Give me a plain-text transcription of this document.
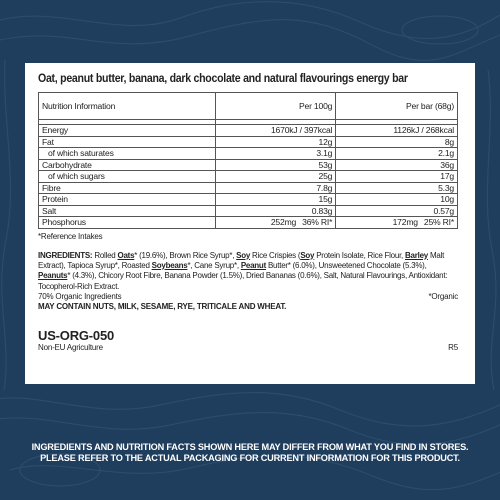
Oat, peanut butter, banana, dark chocolate and natural flavourings energy bar
Nutrition Information	Per 100g	Per bar (68g)

Energy	1670kJ / 397kcal	1126kJ / 268kcal
Fat	12g	8g
of which saturates	3.1g	2.1g
Carbohydrate	53g	36g
of which sugars	25g	17g
Fibre	7.8g	5.3g
Protein	15g	10g
Salt	0.83g	0.57g
Phosphorus	252mg 36% RI*	172mg 25% RI*
*Reference Intakes
INGREDIENTS: Rolled Oats* (19.6%), Brown Rice Syrup*, Soy Rice Crispies (Soy Protein Isolate, Rice Flour, Barley Malt Extract), Tapioca Syrup*, Roasted Soybeans*, Cane Syrup*, Peanut Butter* (6.0%), Unsweetened Chocolate (5.3%), Peanuts* (4.3%), Chicory Root Fibre, Banana Powder (1.5%), Dried Bananas (0.6%), Salt, Natural Flavourings, Antioxidant: Tocopherol-Rich Extract.
70% Organic Ingredients	*Organic
MAY CONTAIN NUTS, MILK, SESAME, RYE, TRITICALE AND WHEAT.
US-ORG-050
Non-EU Agriculture	R5
INGREDIENTS AND NUTRITION FACTS SHOWN HERE MAY DIFFER FROM WHAT YOU FIND IN STORES.
PLEASE REFER TO THE ACTUAL PACKAGING FOR CURRENT INFORMATION FOR THIS PRODUCT.
